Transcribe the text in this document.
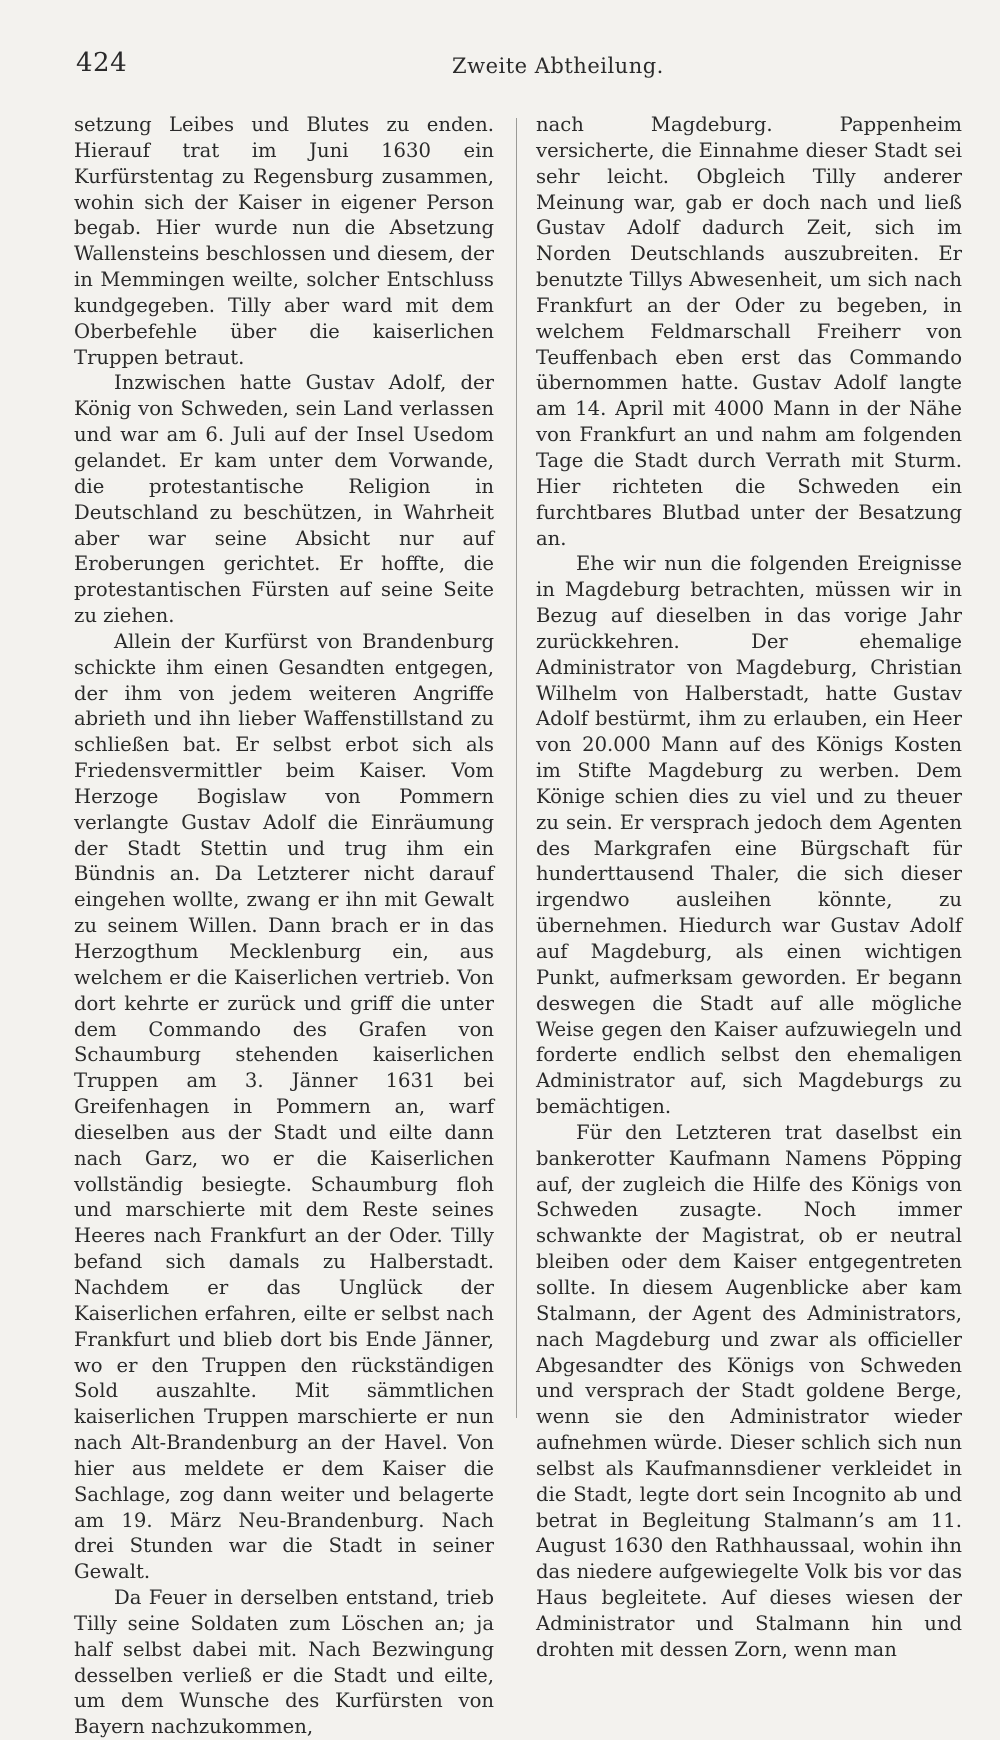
424	Zweite Abtheilung.

setzung Leibes und Blutes zu enden. Hierauf trat im Juni 1630 ein Kurfürstentag zu Regensburg zusammen, wohin sich der Kaiser in eigener Person begab. Hier wurde nun die Absetzung Wallensteins beschlossen und diesem, der in Memmingen weilte, solcher Entschluss kundgegeben. Tilly aber ward mit dem Oberbefehle über die kaiserlichen Truppen betraut.

Inzwischen hatte Gustav Adolf, der König von Schweden, sein Land verlassen und war am 6. Juli auf der Insel Usedom gelandet. Er kam unter dem Vorwande, die protestantische Religion in Deutschland zu beschützen, in Wahrheit aber war seine Absicht nur auf Eroberungen gerichtet. Er hoffte, die protestantischen Fürsten auf seine Seite zu ziehen.

Allein der Kurfürst von Brandenburg schickte ihm einen Gesandten entgegen, der ihm von jedem weiteren Angriffe abrieth und ihn lieber Waffenstillstand zu schließen bat. Er selbst erbot sich als Friedensvermittler beim Kaiser. Vom Herzoge Bogislaw von Pommern verlangte Gustav Adolf die Einräumung der Stadt Stettin und trug ihm ein Bündnis an. Da Letzterer nicht darauf eingehen wollte, zwang er ihn mit Gewalt zu seinem Willen. Dann brach er in das Herzogthum Mecklenburg ein, aus welchem er die Kaiserlichen vertrieb. Von dort kehrte er zurück und griff die unter dem Commando des Grafen von Schaumburg stehenden kaiserlichen Truppen am 3. Jänner 1631 bei Greifenhagen in Pommern an, warf dieselben aus der Stadt und eilte dann nach Garz, wo er die Kaiserlichen vollständig besiegte. Schaumburg floh und marschierte mit dem Reste seines Heeres nach Frankfurt an der Oder. Tilly befand sich damals zu Halberstadt. Nachdem er das Unglück der Kaiserlichen erfahren, eilte er selbst nach Frankfurt und blieb dort bis Ende Jänner, wo er den Truppen den rückständigen Sold auszahlte. Mit sämmtlichen kaiserlichen Truppen marschierte er nun nach Alt-Brandenburg an der Havel. Von hier aus meldete er dem Kaiser die Sachlage, zog dann weiter und belagerte am 19. März Neu-Brandenburg. Nach drei Stunden war die Stadt in seiner Gewalt.

Da Feuer in derselben entstand, trieb Tilly seine Soldaten zum Löschen an; ja half selbst dabei mit. Nach Bezwingung desselben verließ er die Stadt und eilte, um dem Wunsche des Kurfürsten von Bayern nachzukommen,

nach Magdeburg. Pappenheim versicherte, die Einnahme dieser Stadt sei sehr leicht. Obgleich Tilly anderer Meinung war, gab er doch nach und ließ Gustav Adolf dadurch Zeit, sich im Norden Deutschlands auszubreiten. Er benutzte Tillys Abwesenheit, um sich nach Frankfurt an der Oder zu begeben, in welchem Feldmarschall Freiherr von Teuffenbach eben erst das Commando übernommen hatte. Gustav Adolf langte am 14. April mit 4000 Mann in der Nähe von Frankfurt an und nahm am folgenden Tage die Stadt durch Verrath mit Sturm. Hier richteten die Schweden ein furchtbares Blutbad unter der Besatzung an.

Ehe wir nun die folgenden Ereignisse in Magdeburg betrachten, müssen wir in Bezug auf dieselben in das vorige Jahr zurückkehren. Der ehemalige Administrator von Magdeburg, Christian Wilhelm von Halberstadt, hatte Gustav Adolf bestürmt, ihm zu erlauben, ein Heer von 20.000 Mann auf des Königs Kosten im Stifte Magdeburg zu werben. Dem Könige schien dies zu viel und zu theuer zu sein. Er versprach jedoch dem Agenten des Markgrafen eine Bürgschaft für hunderttausend Thaler, die sich dieser irgendwo ausleihen könnte, zu übernehmen. Hiedurch war Gustav Adolf auf Magdeburg, als einen wichtigen Punkt, aufmerksam geworden. Er begann deswegen die Stadt auf alle mögliche Weise gegen den Kaiser aufzuwiegeln und forderte endlich selbst den ehemaligen Administrator auf, sich Magdeburgs zu bemächtigen.

Für den Letzteren trat daselbst ein bankerotter Kaufmann Namens Pöpping auf, der zugleich die Hilfe des Königs von Schweden zusagte. Noch immer schwankte der Magistrat, ob er neutral bleiben oder dem Kaiser entgegentreten sollte. In diesem Augenblicke aber kam Stalmann, der Agent des Administrators, nach Magdeburg und zwar als officieller Abgesandter des Königs von Schweden und versprach der Stadt goldene Berge, wenn sie den Administrator wieder aufnehmen würde. Dieser schlich sich nun selbst als Kaufmannsdiener verkleidet in die Stadt, legte dort sein Incognito ab und betrat in Begleitung Stalmann’s am 11. August 1630 den Rathhaussaal, wohin ihn das niedere aufgewiegelte Volk bis vor das Haus begleitete. Auf dieses wiesen der Administrator und Stalmann hin und drohten mit dessen Zorn, wenn man
